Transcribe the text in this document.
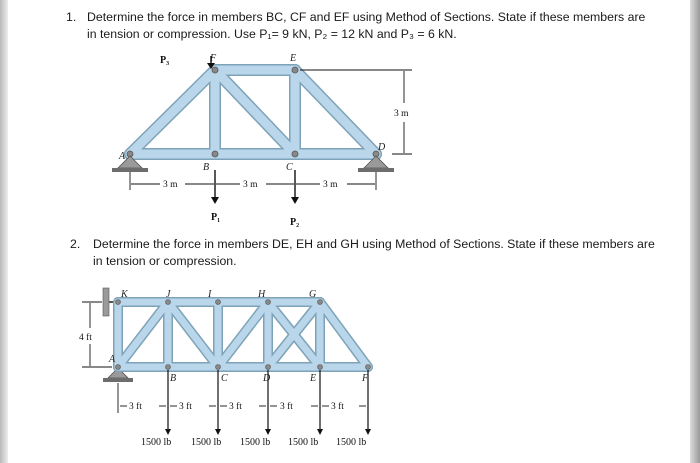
1. Determine the force in members BC, CF and EF using Method of Sections. State if these members are
in tension or compression. Use P₁= 9 kN, P₂ = 12 kN and P₃ = 6 kN.
2. Determine the force in members DE, EH and GH using Method of Sections. State if these members are
in tension or compression.
P₃
P₁	P₂
A
B	C
D
E
F
3 m	3 m	3 m
3 m
K	J	I	H	G
A
B	C	D	E	F
4 ft
3 ft	3 ft	3 ft	3 ft	3 ft
1500 lb 1500 lb 1500 lb 1500 lb 1500 lb
